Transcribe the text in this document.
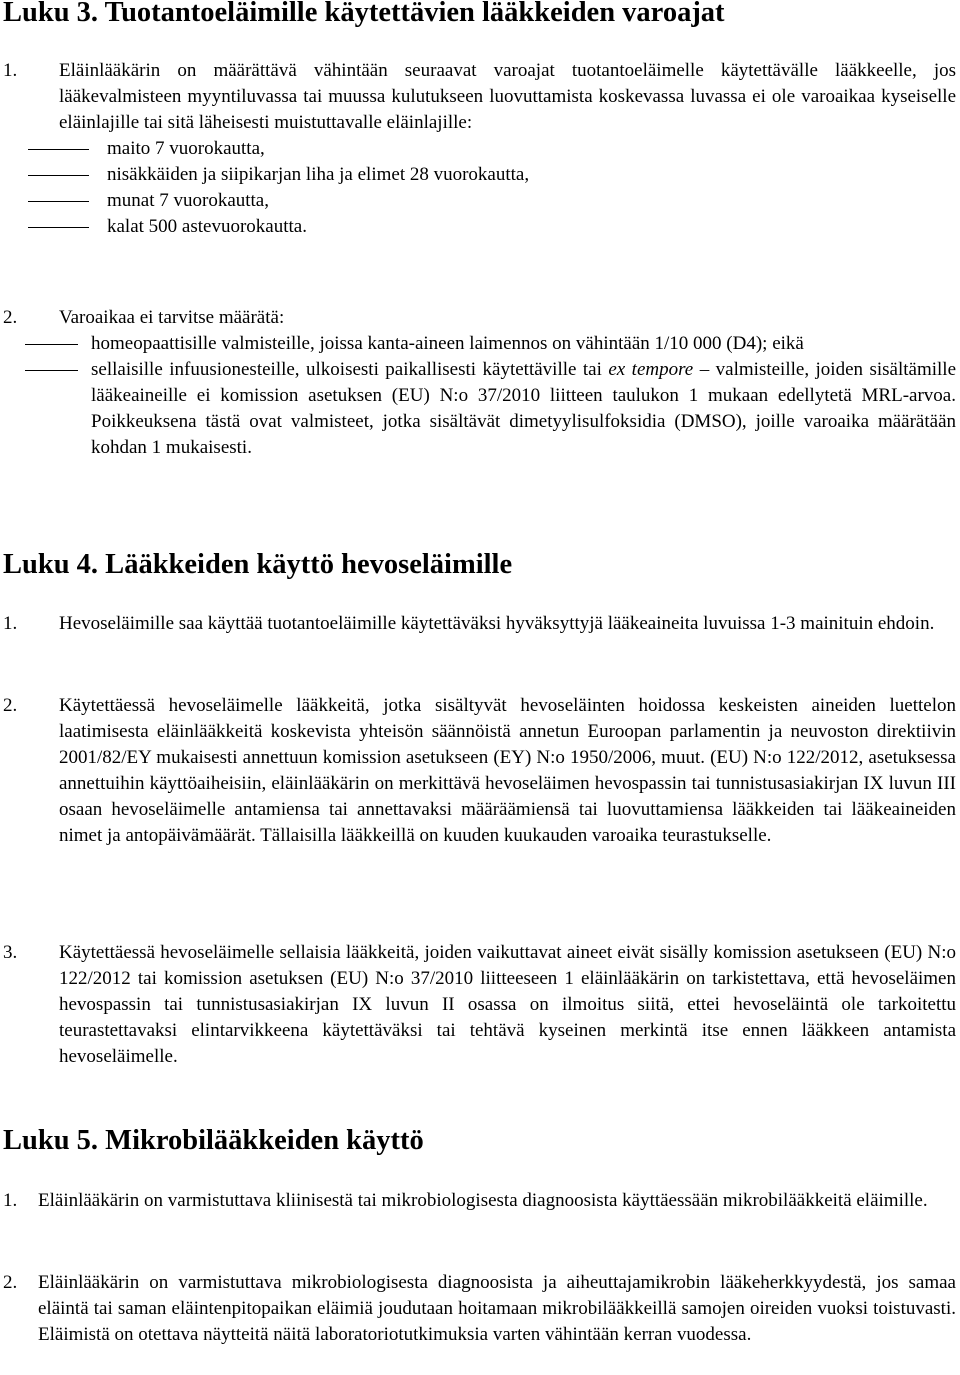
Luku 3. Tuotantoeläimille käytettävien lääkkeiden varoajat
1. Eläinlääkärin on määrättävä vähintään seuraavat varoajat tuotantoeläimelle käytettävälle lääkkeelle, jos lääkevalmisteen myyntiluvassa tai muussa kulutukseen luovuttamista koskevassa luvassa ei ole varoaikaa kyseiselle eläinlajille tai sitä läheisesti muistuttavalle eläinlajille:
maito 7 vuorokautta,
nisäkkäiden ja siipikarjan liha ja elimet 28 vuorokautta,
munat 7 vuorokautta,
kalat 500 astevuorokautta.
2. Varoaikaa ei tarvitse määrätä:
homeopaattisille valmisteille, joissa kanta-aineen laimennos on vähintään 1/10 000 (D4); eikä
sellaisille infuusionesteille, ulkoisesti paikallisesti käytettäville tai ex tempore – valmisteille, joiden sisältämille lääkeaineille ei komission asetuksen (EU) N:o 37/2010 liitteen taulukon 1 mukaan edellytetä MRL-arvoa. Poikkeuksena tästä ovat valmisteet, jotka sisältävät dimetyylisulfoksidia (DMSO), joille varoaika määrätään kohdan 1 mukaisesti.
Luku 4. Lääkkeiden käyttö hevoseläimille
1. Hevoseläimille saa käyttää tuotantoeläimille käytettäväksi hyväksyttyjä lääkeaineita luvuissa 1-3 mainituin ehdoin.
2. Käytettäessä hevoseläimelle lääkkeitä, jotka sisältyvät hevoseläinten hoidossa keskeisten aineiden luettelon laatimisesta eläinlääkkeitä koskevista yhteisön säännöistä annetun Euroopan parlamentin ja neuvoston direktiivin 2001/82/EY mukaisesti annettuun komission asetukseen (EY) N:o 1950/2006, muut. (EU) N:o 122/2012, asetuksessa annettuihin käyttöaiheisiin, eläinlääkärin on merkittävä hevoseläimen hevospassin tai tunnistusasiakirjan IX luvun III osaan hevoseläimelle antamiensa tai annettavaksi määräämiensä tai luovuttamiensa lääkkeiden tai lääkeaineiden nimet ja antopäivämäärät. Tällaisilla lääkkeillä on kuuden kuukauden varoaika teurastukselle.
3. Käytettäessä hevoseläimelle sellaisia lääkkeitä, joiden vaikuttavat aineet eivät sisälly komission asetukseen (EU) N:o 122/2012 tai komission asetuksen (EU) N:o 37/2010 liitteeseen 1 eläinlääkärin on tarkistettava, että hevoseläimen hevospassin tai tunnistusasiakirjan IX luvun II osassa on ilmoitus siitä, ettei hevoseläintä ole tarkoitettu teurastettavaksi elintarvikkeena käytettäväksi tai tehtävä kyseinen merkintä itse ennen lääkkeen antamista hevoseläimelle.
Luku 5. Mikrobilääkkeiden käyttö
1. Eläinlääkärin on varmistuttava kliinisestä tai mikrobiologisesta diagnoosista käyttäessään mikrobilääkkeitä eläimille.
2. Eläinlääkärin on varmistuttava mikrobiologisesta diagnoosista ja aiheuttajamikrobin lääkeherkkyydestä, jos samaa eläintä tai saman eläintenpitopaikan eläimiä joudutaan hoitamaan mikrobilääkkeillä samojen oireiden vuoksi toistuvasti. Eläimistä on otettava näytteitä näitä laboratoriotutkimuksia varten vähintään kerran vuodessa.
